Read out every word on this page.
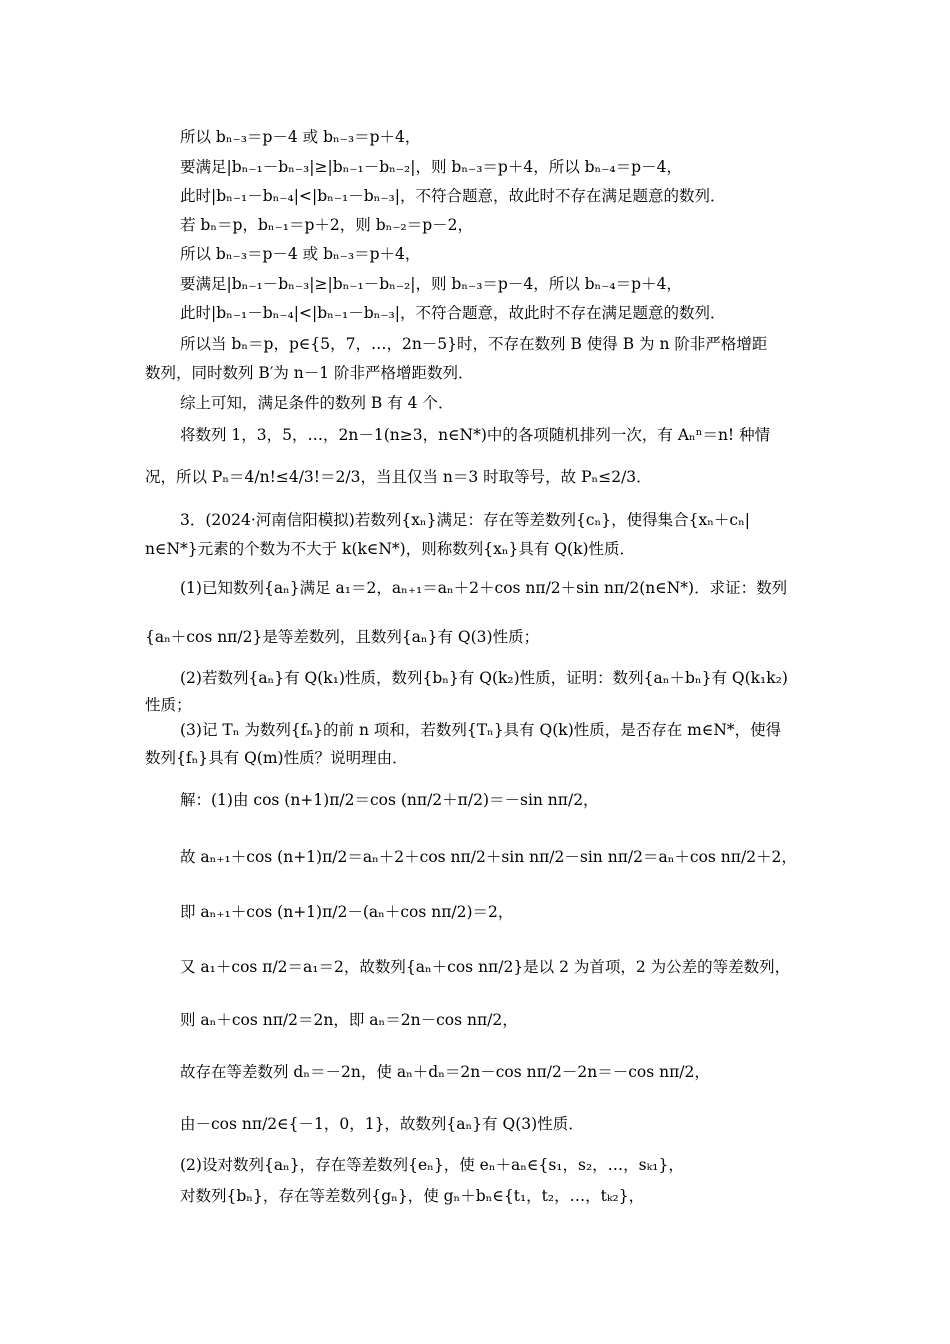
所以 bₙ₋₃＝p－4 或 bₙ₋₃＝p＋4，
要满足|bₙ₋₁－bₙ₋₃|≥|bₙ₋₁－bₙ₋₂|，则 bₙ₋₃＝p＋4，所以 bₙ₋₄＝p－4，
此时|bₙ₋₁－bₙ₋₄|<|bₙ₋₁－bₙ₋₃|，不符合题意，故此时不存在满足题意的数列．
若 bₙ＝p，bₙ₋₁＝p＋2，则 bₙ₋₂＝p－2，
所以 bₙ₋₃＝p－4 或 bₙ₋₃＝p＋4，
要满足|bₙ₋₁－bₙ₋₃|≥|bₙ₋₁－bₙ₋₂|，则 bₙ₋₃＝p－4，所以 bₙ₋₄＝p＋4，
此时|bₙ₋₁－bₙ₋₄|<|bₙ₋₁－bₙ₋₃|，不符合题意，故此时不存在满足题意的数列．
所以当 bₙ＝p，p∈{5，7，…，2n－5}时，不存在数列 B 使得 B 为 n 阶非严格增距
数列，同时数列 B′为 n－1 阶非严格增距数列．
综上可知，满足条件的数列 B 有 4 个．
将数列 1，3，5，…，2n－1(n≥3，n∈N*)中的各项随机排列一次，有 Aₙⁿ＝n! 种情
况，所以 Pₙ＝4/n!≤4/3!＝2/3，当且仅当 n＝3 时取等号，故 Pₙ≤2/3．
3．(2024·河南信阳模拟)若数列{xₙ}满足：存在等差数列{cₙ}，使得集合{xₙ＋cₙ|
n∈N*}元素的个数为不大于 k(k∈N*)，则称数列{xₙ}具有 Q(k)性质．
(1)已知数列{aₙ}满足 a₁＝2，aₙ₊₁＝aₙ＋2＋cos nπ/2＋sin nπ/2(n∈N*)．求证：数列
{aₙ＋cos nπ/2}是等差数列，且数列{aₙ}有 Q(3)性质；
(2)若数列{aₙ}有 Q(k₁)性质，数列{bₙ}有 Q(k₂)性质，证明：数列{aₙ＋bₙ}有 Q(k₁k₂)
性质；
(3)记 Tₙ 为数列{fₙ}的前 n 项和，若数列{Tₙ}具有 Q(k)性质，是否存在 m∈N*，使得
数列{fₙ}具有 Q(m)性质？说明理由．
解：(1)由 cos (n+1)π/2＝cos (nπ/2＋π/2)＝－sin nπ/2，
故 aₙ₊₁＋cos (n+1)π/2＝aₙ＋2＋cos nπ/2＋sin nπ/2－sin nπ/2＝aₙ＋cos nπ/2＋2，
即 aₙ₊₁＋cos (n+1)π/2－(aₙ＋cos nπ/2)＝2，
又 a₁＋cos π/2＝a₁＝2，故数列{aₙ＋cos nπ/2}是以 2 为首项，2 为公差的等差数列，
则 aₙ＋cos nπ/2＝2n，即 aₙ＝2n－cos nπ/2，
故存在等差数列 dₙ＝－2n，使 aₙ＋dₙ＝2n－cos nπ/2－2n＝－cos nπ/2，
由－cos nπ/2∈{－1，0，1}，故数列{aₙ}有 Q(3)性质．
(2)设对数列{aₙ}，存在等差数列{eₙ}，使 eₙ＋aₙ∈{s₁，s₂，…，sₖ₁}，
对数列{bₙ}，存在等差数列{gₙ}，使 gₙ＋bₙ∈{t₁，t₂，…，tₖ₂}，
